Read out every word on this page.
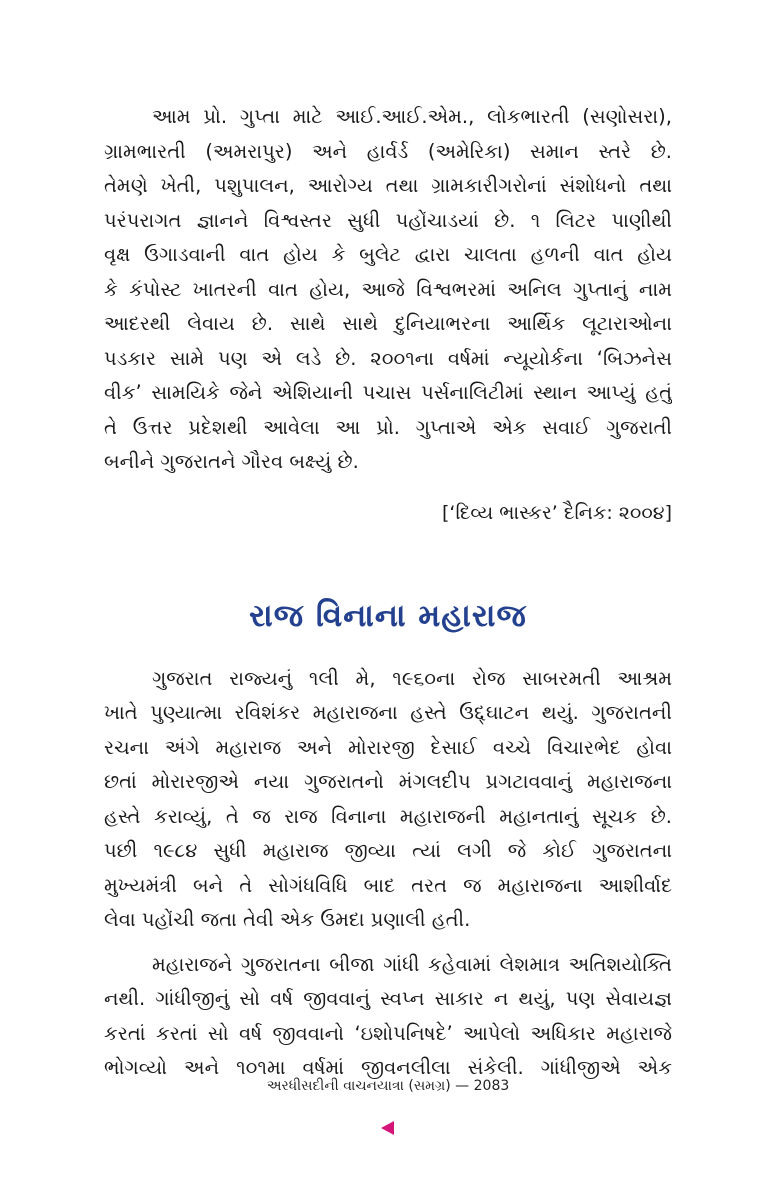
આમ પ્રો. ગુપ્તા માટે આઈ.આઈ.એમ., લોકભારતી (સણોસરા),
ગ્રામભારતી (અમરાપુર) અને હાર્વર્ડ (અમેરિકા) સમાન સ્તરે છે.
તેમણે ખેતી, પશુપાલન, આરોગ્ય તથા ગ્રામકારીગરોનાં સંશોધનો તથા
પરંપરાગત જ્ઞાનને વિશ્વસ્તર સુધી પહોંચાડયાં છે. ૧ લિટર પાણીથી
વૃક્ષ ઉગાડવાની વાત હોય કે બુલેટ દ્વારા ચાલતા હળની વાત હોય
કે કંપોસ્ટ ખાતરની વાત હોય, આજે વિશ્વભરમાં અનિલ ગુપ્તાનું નામ
આદરથી લેવાય છે. સાથે સાથે દુનિયાભરના આર્થિક લૂટારાઓના
પડકાર સામે પણ એ લડે છે. ૨૦૦૧ના વર્ષમાં ન્યૂયોર્કના ‘બિઝનેસ
વીક’ સામયિકે જેને એશિયાની પચાસ પર્સનાલિટીમાં સ્થાન આપ્યું હતું
તે ઉત્તર પ્રદેશથી આવેલા આ પ્રો. ગુપ્તાએ એક સવાઈ ગુજરાતી
બનીને ગુજરાતને ગૌરવ બક્ષ્યું છે.
[‘દિવ્ય ભાસ્કર’ દૈનિક: ૨૦૦૪]
રાજ વિનાના મહારાજ
ગુજરાત રાજ્યનું ૧લી મે, ૧૯૬૦ના રોજ સાબરમતી આશ્રમ
ખાતે પુણ્યાત્મા રવિશંકર મહારાજના હસ્તે ઉદ્દ્ઘાટન થયું. ગુજરાતની
રચના અંગે મહારાજ અને મોરારજી દેસાઈ વચ્ચે વિચારભેદ હોવા
છતાં મોરારજીએ નયા ગુજરાતનો મંગલદીપ પ્રગટાવવાનું મહારાજના
હસ્તે કરાવ્યું, તે જ રાજ વિનાના મહારાજની મહાનતાનું સૂચક છે.
પછી ૧૯૮૪ સુધી મહારાજ જીવ્યા ત્યાં લગી જે કોઈ ગુજરાતના
મુખ્યમંત્રી બને તે સોગંધવિધિ બાદ તરત જ મહારાજના આશીર્વાદ
લેવા પહોંચી જતા તેવી એક ઉમદા પ્રણાલી હતી.
મહારાજને ગુજરાતના બીજા ગાંધી કહેવામાં લેશમાત્ર અતિશયોક્તિ
નથી. ગાંધીજીનું સો વર્ષ જીવવાનું સ્વપ્ન સાકાર ન થયું, પણ સેવાયજ્ઞ
કરતાં કરતાં સો વર્ષ જીવવાનો ‘ઇશોપનિષદે’ આપેલો અધિકાર મહારાજે
ભોગવ્યો અને ૧૦૧મા વર્ષમાં જીવનલીલા સંકેલી. ગાંધીજીએ એક
અરધીસદીની વાચનયાત્રા (સમગ્ર) — 2083
